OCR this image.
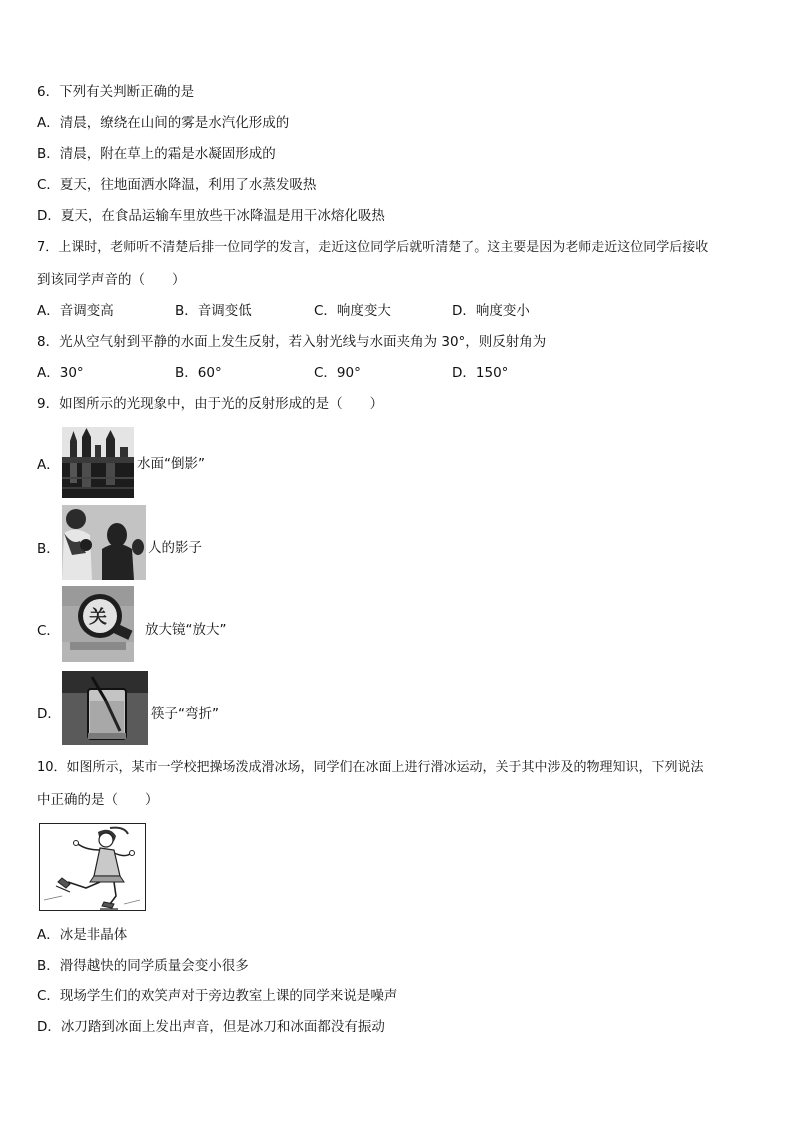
6．下列有关判断正确的是
A．清晨，缭绕在山间的雾是水汽化形成的
B．清晨，附在草上的霜是水凝固形成的
C．夏天，往地面洒水降温，利用了水蒸发吸热
D．夏天，在食品运输车里放些干冰降温是用干冰熔化吸热
7．上课时，老师听不清楚后排一位同学的发言，走近这位同学后就听清楚了。这主要是因为老师走近这位同学后接收
到该同学声音的（　　）
A．音调变高	B．音调变低	C．响度变大	D．响度变小
8．光从空气射到平静的水面上发生反射，若入射光线与水面夹角为 30°，则反射角为
A．30°	B．60°	C．90°	D．150°
9．如图所示的光现象中，由于光的反射形成的是（　　）
A．	水面“倒影”
B．	人的影子
C．
关
放大镜“放大”
D．	筷子“弯折”
10．如图所示，某市一学校把操场泼成滑冰场，同学们在冰面上进行滑冰运动，关于其中涉及的物理知识，下列说法
中正确的是（　　）
A．冰是非晶体
B．滑得越快的同学质量会变小很多
C．现场学生们的欢笑声对于旁边教室上课的同学来说是噪声
D．冰刀踏到冰面上发出声音，但是冰刀和冰面都没有振动
